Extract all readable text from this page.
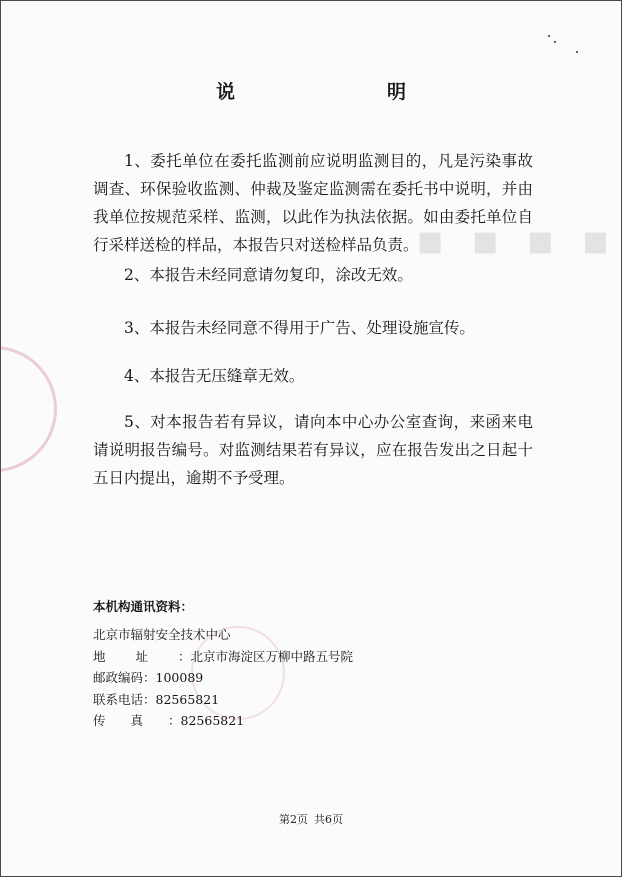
▪ ▪ ▪ ▪
说　　明

1、委托单位在委托监测前应说明监测目的，凡是污染事故调查、环保验收监测、仲裁及鉴定监测需在委托书中说明，并由我单位按规范采样、监测，以此作为执法依据。如由委托单位自行采样送检的样品，本报告只对送检样品负责。

2、本报告未经同意请勿复印，涂改无效。

3、本报告未经同意不得用于广告、处理设施宣传。

4、本报告无压缝章无效。

5、对本报告若有异议，请向本中心办公室查询，来函来电请说明报告编号。对监测结果若有异议，应在报告发出之日起十五日内提出，逾期不予受理。

本机构通讯资料：
北京市辐射安全技术中心
地址：北京市海淀区万柳中路五号院
邮政编码：100089
联系电话：82565821
传真：82565821
第2页 共6页
